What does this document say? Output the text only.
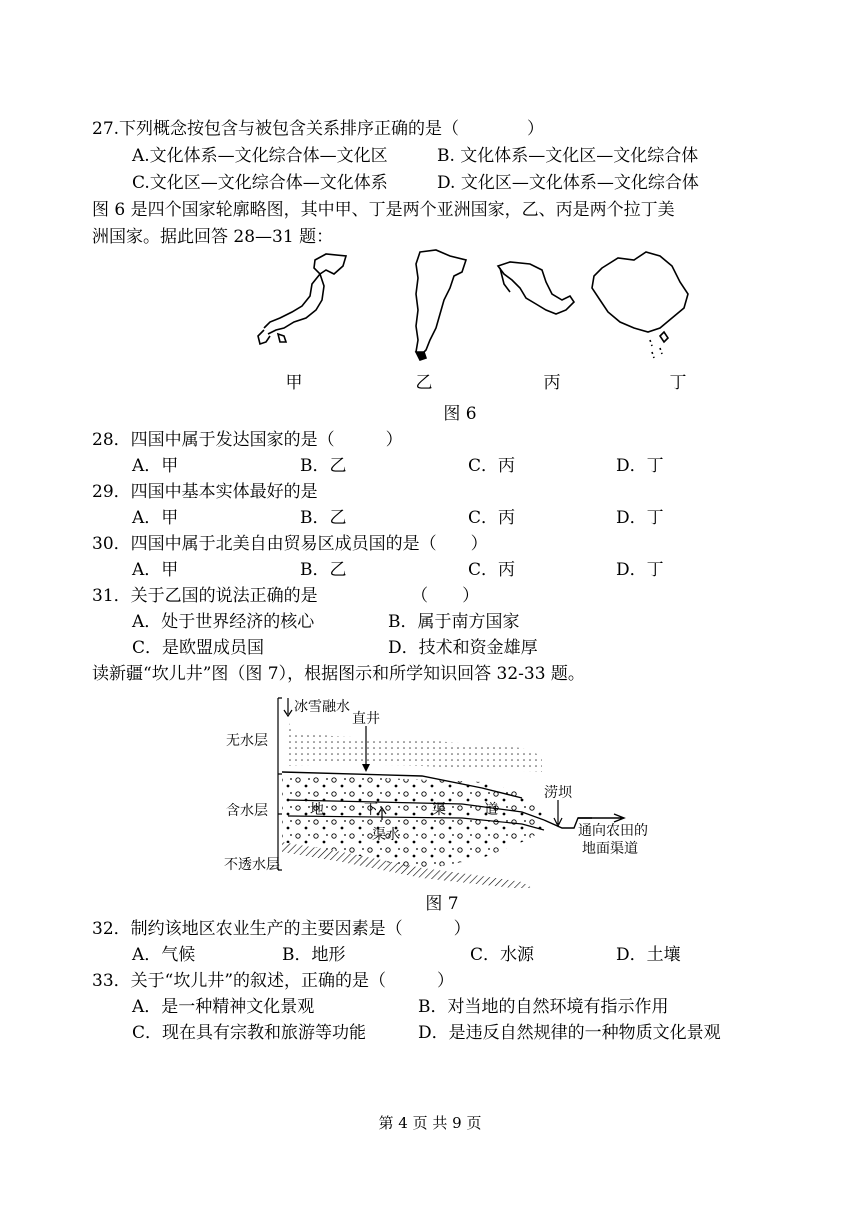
27.下列概念按包含与被包含关系排序正确的是（　　　　）
A.文化体系—文化综合体—文化区	B. 文化体系—文化区—文化综合体
C.文化区—文化综合体—文化体系	D. 文化区—文化体系—文化综合体
图 6 是四个国家轮廓略图，其中甲、丁是两个亚洲国家，乙、丙是两个拉丁美
洲国家。据此回答 28—31 题：
甲	乙	丙	丁
图 6
28．四国中属于发达国家的是（　　　）
A．甲	B．乙	C．丙	D．丁
29．四国中基本实体最好的是
A．甲	B．乙	C．丙	D．丁
30．四国中属于北美自由贸易区成员国的是（　　）
A．甲	B．乙	C．丙	D．丁
31．关于乙国的说法正确的是　　　　　　（　　）
A．处于世界经济的核心	B．属于南方国家
C．是欧盟成员国	D．技术和资金雄厚
读新疆“坎儿井”图（图 7），根据图示和所学知识回答 32-33 题。
冰雪融水
无水层
含水层
不透水层
直井
地	下	渠	道
渠水
涝坝
通向农田的
地面渠道
图 7
32．制约该地区农业生产的主要因素是（　　　）
A．气候	B．地形	C．水源	D．土壤
33．关于“坎儿井”的叙述，正确的是（　　　）
A．是一种精神文化景观	B．对当地的自然环境有指示作用
C．现在具有宗教和旅游等功能	D．是违反自然规律的一种物质文化景观
第 4 页 共 9 页
